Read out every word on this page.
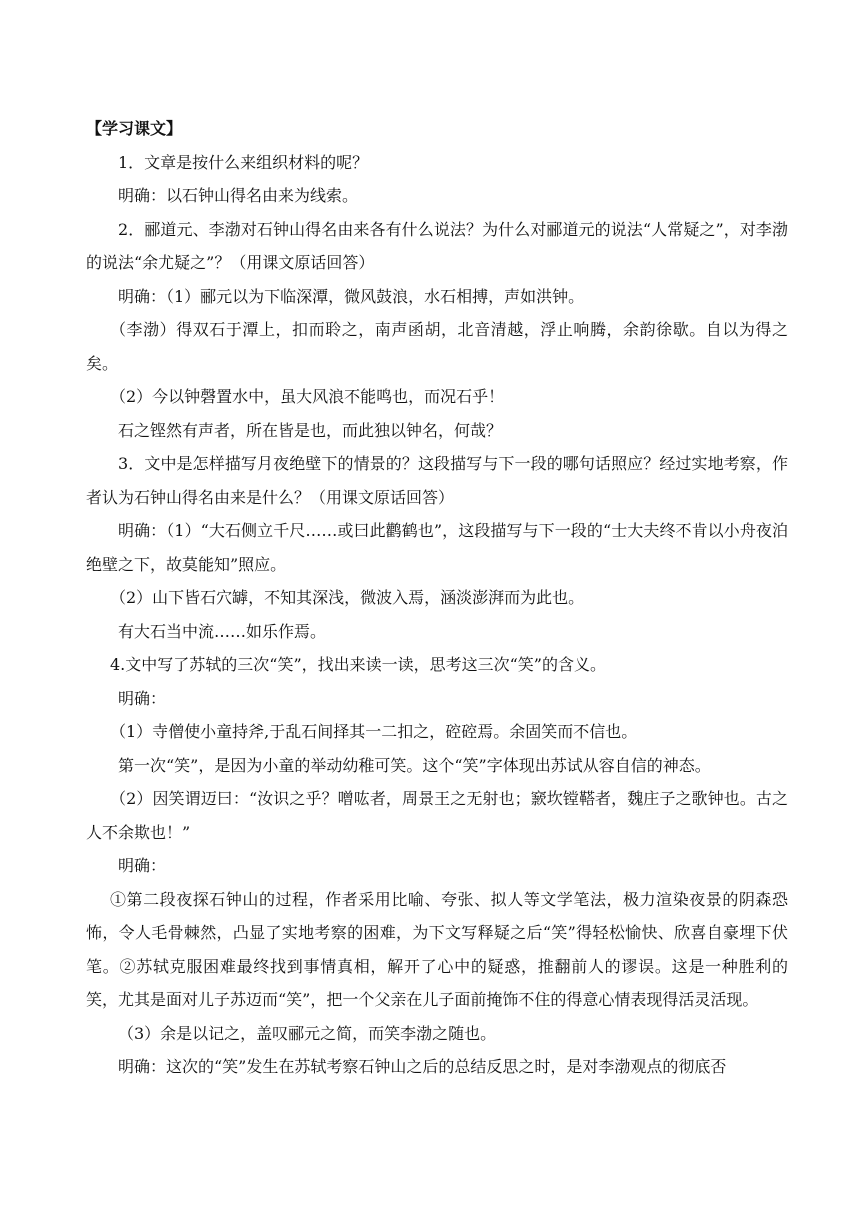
【学习课文】

1．文章是按什么来组织材料的呢？

明确：以石钟山得名由来为线索。

2．郦道元、李渤对石钟山得名由来各有什么说法？为什么对郦道元的说法“人常疑之”，对李渤的说法“余尤疑之”？（用课文原话回答）

明确：（1）郦元以为下临深潭，微风鼓浪，水石相搏，声如洪钟。

（李渤）得双石于潭上，扣而聆之，南声函胡，北音清越，浮止响腾，余韵徐歇。自以为得之矣。

（2）今以钟磬置水中，虽大风浪不能鸣也，而况石乎！

石之铿然有声者，所在皆是也，而此独以钟名，何哉？

3．文中是怎样描写月夜绝壁下的情景的？这段描写与下一段的哪句话照应？经过实地考察，作者认为石钟山得名由来是什么？（用课文原话回答）

明确：（1）“大石侧立千尺……或曰此鹳鹤也”，这段描写与下一段的“士大夫终不肯以小舟夜泊绝壁之下，故莫能知”照应。

（2）山下皆石穴罅，不知其深浅，微波入焉，涵淡澎湃而为此也。

有大石当中流……如乐作焉。

4.文中写了苏轼的三次“笑”，找出来读一读，思考这三次“笑”的含义。

明确：

（1）寺僧使小童持斧,于乱石间择其一二扣之，硿硿焉。余固笑而不信也。

第一次“笑”，是因为小童的举动幼稚可笑。这个“笑”字体现出苏试从容自信的神态。

（2）因笑谓迈曰：“汝识之乎？噌吰者，周景王之无射也；窾坎镗鞳者，魏庄子之歌钟也。古之人不余欺也！”

明确：

①第二段夜探石钟山的过程，作者采用比喻、夸张、拟人等文学笔法，极力渲染夜景的阴森恐怖，令人毛骨棘然，凸显了实地考察的困难，为下文写释疑之后“笑”得轻松愉快、欣喜自豪埋下伏笔。②苏轼克服困难最终找到事情真相，解开了心中的疑惑，推翻前人的谬误。这是一种胜利的笑，尤其是面对儿子苏迈而“笑”，把一个父亲在儿子面前掩饰不住的得意心情表现得活灵活现。

（3）余是以记之，盖叹郦元之简，而笑李渤之随也。

明确：这次的“笑”发生在苏轼考察石钟山之后的总结反思之时，是对李渤观点的彻底否
